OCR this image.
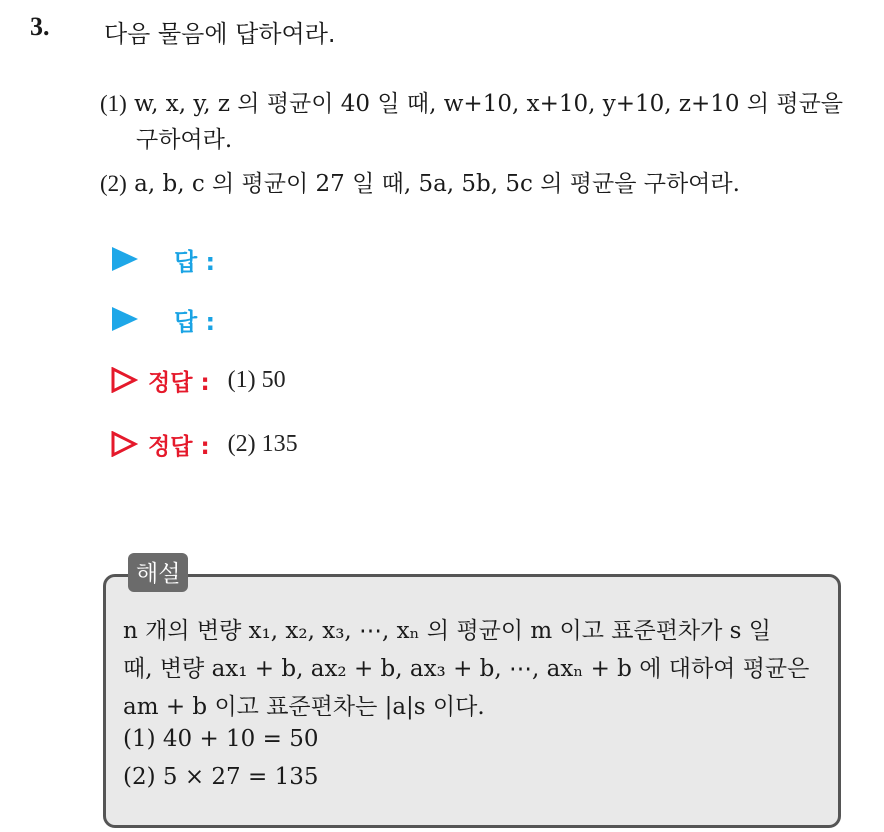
3. 다음 물음에 답하여라.
(1) w, x, y, z 의 평균이 40 일 때, w+10, x+10, y+10, z+10 의 평균을
구하여라.
(2) a, b, c 의 평균이 27 일 때, 5a, 5b, 5c 의 평균을 구하여라.
답 :
답 :
정답 : (1) 50
정답 : (2) 135
해설
n 개의 변량 x₁, x₂, x₃, ⋯, xₙ 의 평균이 m 이고 표준편차가 s 일
때, 변량 ax₁ + b, ax₂ + b, ax₃ + b, ⋯, axₙ + b 에 대하여 평균은
am + b 이고 표준편차는 |a|s 이다.
(1) 40 + 10 = 50
(2) 5 × 27 = 135
